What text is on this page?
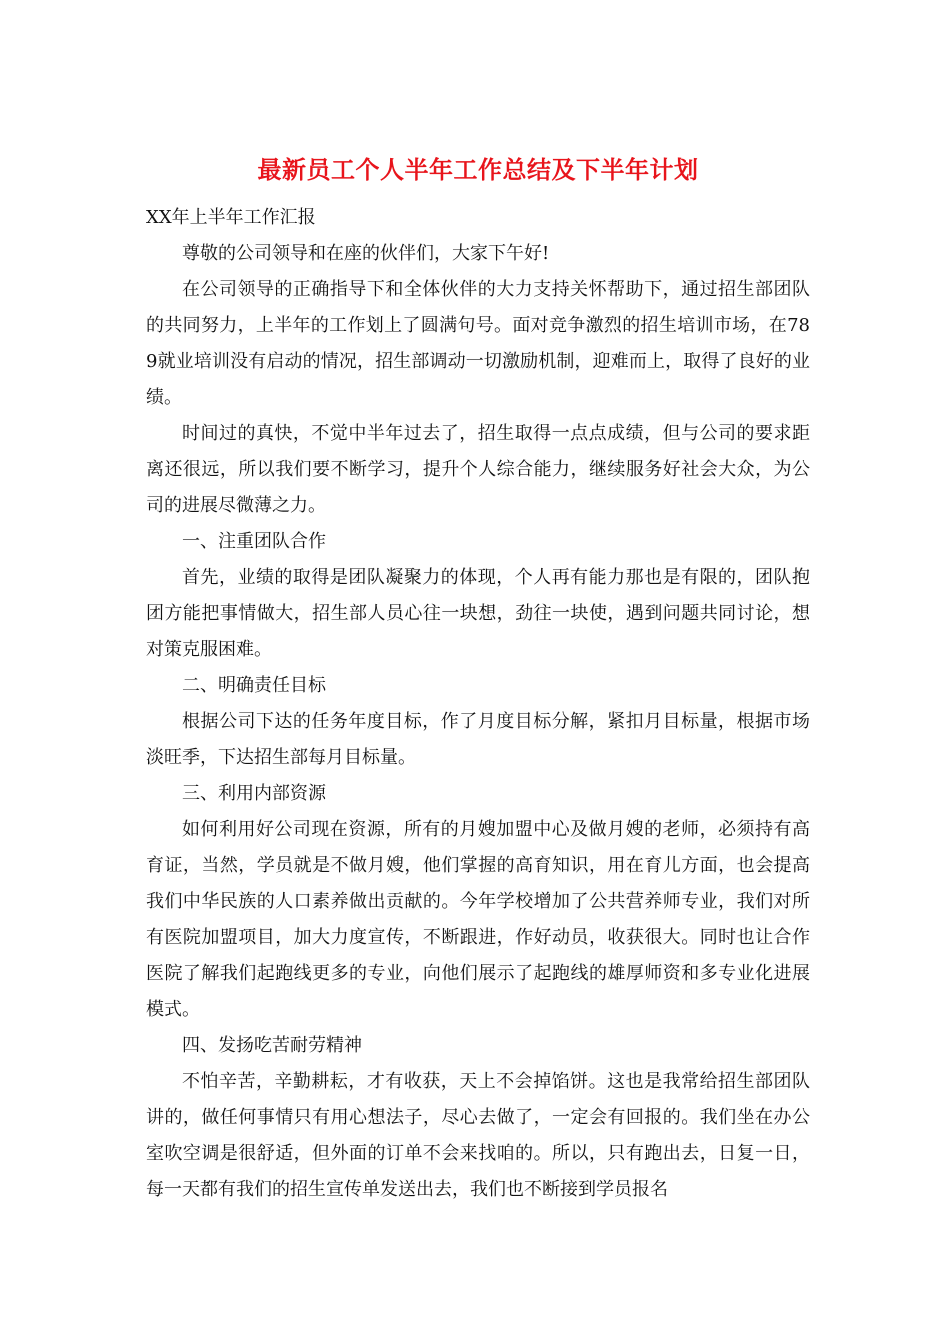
最新员工个人半年工作总结及下半年计划

XX年上半年工作汇报

尊敬的公司领导和在座的伙伴们，大家下午好!

在公司领导的正确指导下和全体伙伴的大力支持关怀帮助下，通过招生部团队的共同努力，上半年的工作划上了圆满句号。面对竞争激烈的招生培训市场，在789就业培训没有启动的情况，招生部调动一切激励机制，迎难而上，取得了良好的业绩。

时间过的真快，不觉中半年过去了，招生取得一点点成绩，但与公司的要求距离还很远，所以我们要不断学习，提升个人综合能力，继续服务好社会大众，为公司的进展尽微薄之力。

一、注重团队合作

首先，业绩的取得是团队凝聚力的体现，个人再有能力那也是有限的，团队抱团方能把事情做大，招生部人员心往一块想，劲往一块使，遇到问题共同讨论，想对策克服困难。

二、明确责任目标

根据公司下达的任务年度目标，作了月度目标分解，紧扣月目标量，根据市场淡旺季，下达招生部每月目标量。

三、利用内部资源

如何利用好公司现在资源，所有的月嫂加盟中心及做月嫂的老师，必须持有高育证，当然，学员就是不做月嫂，他们掌握的高育知识，用在育儿方面，也会提高我们中华民族的人口素养做出贡献的。今年学校增加了公共营养师专业，我们对所有医院加盟项目，加大力度宣传，不断跟进，作好动员，收获很大。同时也让合作医院了解我们起跑线更多的专业，向他们展示了起跑线的雄厚师资和多专业化进展模式。

四、发扬吃苦耐劳精神

不怕辛苦，辛勤耕耘，才有收获，天上不会掉馅饼。这也是我常给招生部团队讲的，做任何事情只有用心想法子，尽心去做了，一定会有回报的。我们坐在办公室吹空调是很舒适，但外面的订单不会来找咱的。所以，只有跑出去，日复一日，每一天都有我们的招生宣传单发送出去，我们也不断接到学员报名
